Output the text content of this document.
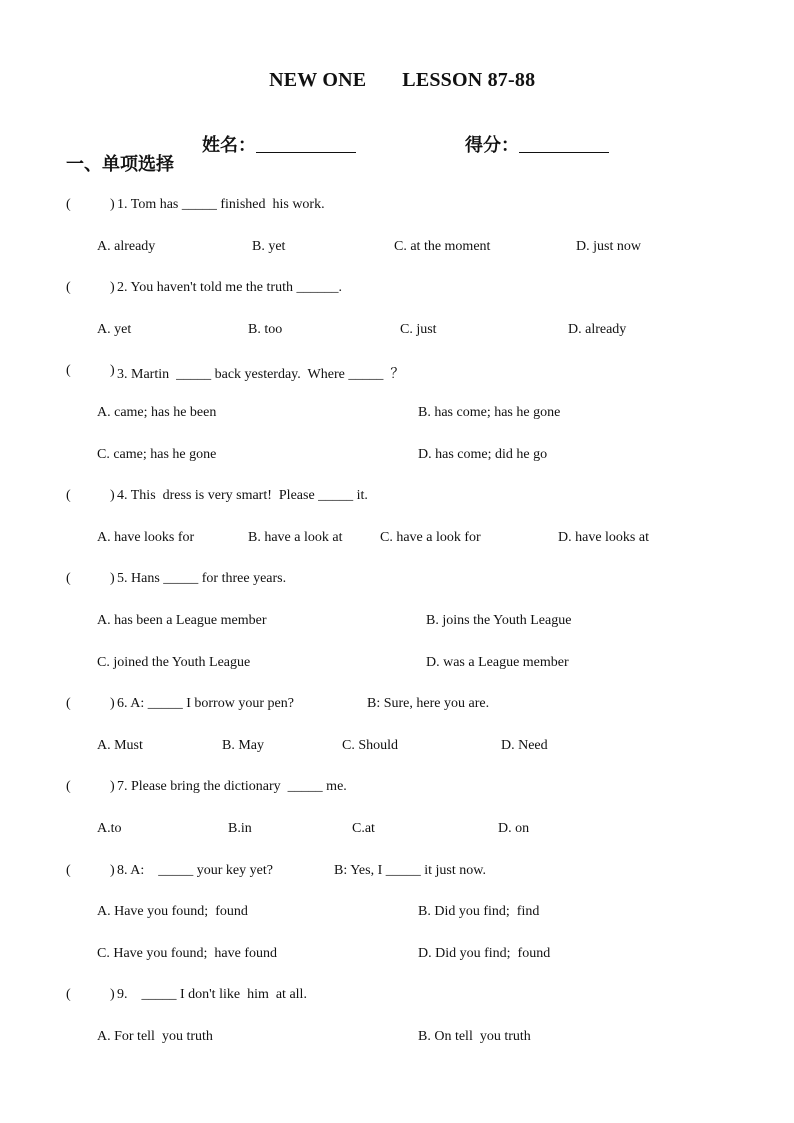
NEW ONE LESSON 87-88

姓名：	得分：

一、单项选择
(	) 1. Tom has _____ finished  his work.
A. already	B. yet	C. at the moment	D. just now
(	) 2. You haven't told me the truth ______.
A. yet	B. too	C. just	D. already
(	) 3. Martin  _____ back yesterday.  Where _____  ？
A. came; has he been	B. has come; has he gone
C. came; has he gone	D. has come; did he go
(	) 4. This  dress is very smart!  Please _____ it.
A. have looks for	B. have a look at	C. have a look for	D. have looks at
(	) 5. Hans _____ for three years.
A. has been a League member	B. joins the Youth League
C. joined the Youth League	D. was a League member
(	) 6. A: _____ I borrow your pen?	B: Sure, here you are.
A. Must	B. May	C. Should	D. Need
(	) 7. Please bring the dictionary  _____ me.
A.to	B.in	C.at	D. on
(	) 8. A:    _____ your key yet?	B: Yes, I _____ it just now.
A. Have you found;  found	B. Did you find;  find
C. Have you found;  have found	D. Did you find;  found
(	) 9.    _____ I don't like  him  at all.
A. For tell  you truth	B. On tell  you truth
